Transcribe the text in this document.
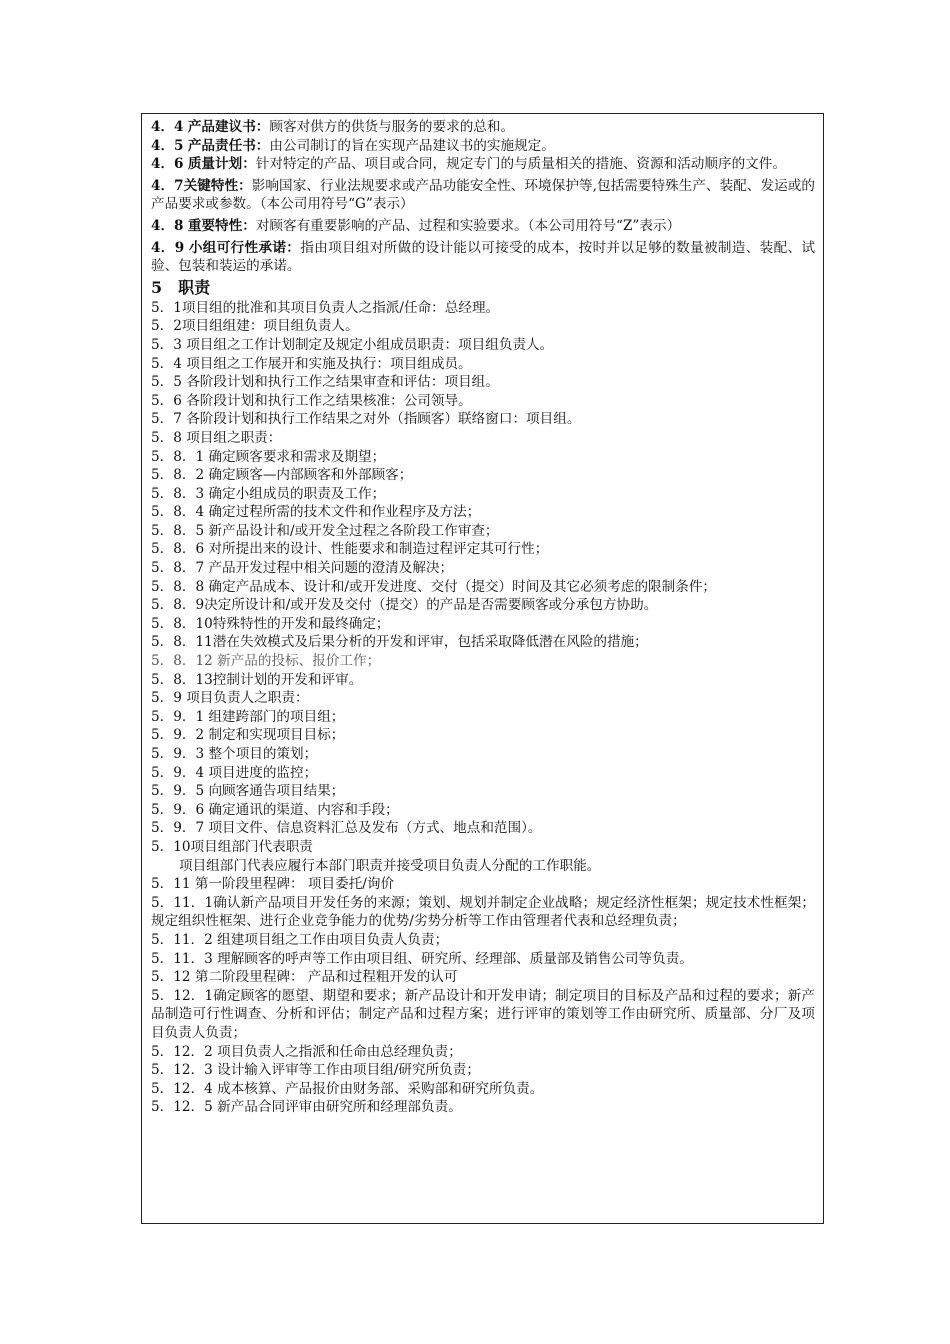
4．4 产品建议书：顾客对供方的供货与服务的要求的总和。

4．5 产品责任书：由公司制订的旨在实现产品建议书的实施规定。

4．6 质量计划：针对特定的产品、项目或合同，规定专门的与质量相关的措施、资源和活动顺序的文件。

4．7关键特性：影响国家、行业法规要求或产品功能安全性、环境保护等,包括需要特殊生产、装配、发运或的产品要求或参数。（本公司用符号“G”表示）

4．8 重要特性：对顾客有重要影响的产品、过程和实验要求。（本公司用符号“Z”表示）

4．9 小组可行性承诺：指由项目组对所做的设计能以可接受的成本，按时并以足够的数量被制造、装配、试验、包装和装运的承诺。

5 职责

5．1项目组的批准和其项目负责人之指派/任命：总经理。

5．2项目组组建：项目组负责人。

5．3 项目组之工作计划制定及规定小组成员职责：项目组负责人。

5．4 项目组之工作展开和实施及执行：项目组成员。

5．5 各阶段计划和执行工作之结果审查和评估：项目组。

5．6 各阶段计划和执行工作之结果核准：公司领导。

5．7 各阶段计划和执行工作结果之对外（指顾客）联络窗口：项目组。

5．8 项目组之职责：

5．8．1 确定顾客要求和需求及期望；

5．8．2 确定顾客—内部顾客和外部顾客；

5．8．3 确定小组成员的职责及工作；

5．8．4 确定过程所需的技术文件和作业程序及方法；

5．8．5 新产品设计和/或开发全过程之各阶段工作审查；

5．8．6 对所提出来的设计、性能要求和制造过程评定其可行性；

5．8．7 产品开发过程中相关问题的澄清及解决；

5．8．8 确定产品成本、设计和/或开发进度、交付（提交）时间及其它必须考虑的限制条件；

5．8．9决定所设计和/或开发及交付（提交）的产品是否需要顾客或分承包方协助。

5．8．10特殊特性的开发和最终确定；

5．8．11潜在失效模式及后果分析的开发和评审，包括采取降低潜在风险的措施；

5．8．12 新产品的投标、报价工作；

5．8．13控制计划的开发和评审。

5．9 项目负责人之职责：

5．9．1 组建跨部门的项目组；

5．9．2 制定和实现项目目标；

5．9．3 整个项目的策划；

5．9．4 项目进度的监控；

5．9．5 向顾客通告项目结果；

5．9．6 确定通讯的渠道、内容和手段；

5．9．7 项目文件、信息资料汇总及发布（方式、地点和范围）。

5．10项目组部门代表职责

项目组部门代表应履行本部门职责并接受项目负责人分配的工作职能。

5．11 第一阶段里程碑： 项目委托/询价

5．11．1确认新产品项目开发任务的来源；策划、规划并制定企业战略；规定经济性框架；规定技术性框架；规定组织性框架、进行企业竞争能力的优势/劣势分析等工作由管理者代表和总经理负责；

5．11．2 组建项目组之工作由项目负责人负责；

5．11．3 理解顾客的呼声等工作由项目组、研究所、经理部、质量部及销售公司等负责。

5．12 第二阶段里程碑： 产品和过程粗开发的认可

5．12．1确定顾客的愿望、期望和要求；新产品设计和开发申请；制定项目的目标及产品和过程的要求；新产品制造可行性调查、分析和评估；制定产品和过程方案；进行评审的策划等工作由研究所、质量部、分厂及项目负责人负责；

5．12．2 项目负责人之指派和任命由总经理负责；

5．12．3 设计输入评审等工作由项目组/研究所负责；

5．12．4 成本核算、产品报价由财务部、采购部和研究所负责。

5．12．5 新产品合同评审由研究所和经理部负责。
